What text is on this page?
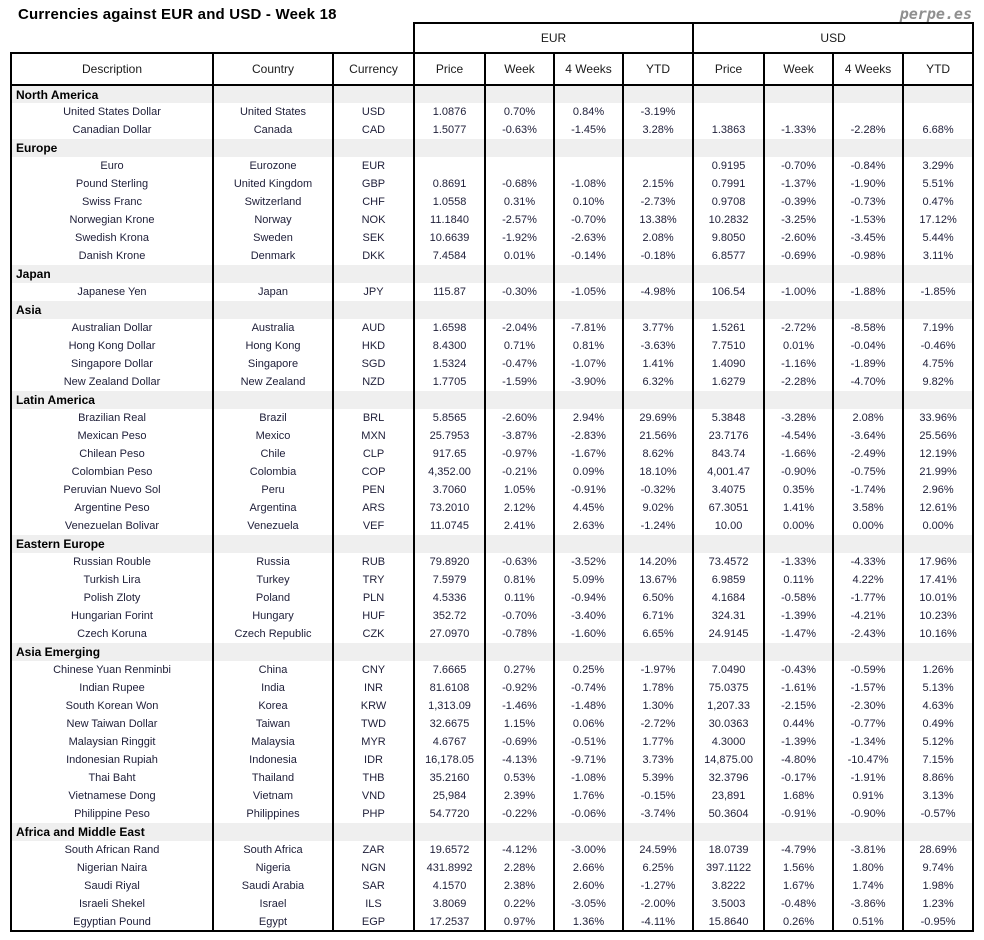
Currencies against EUR and USD - Week 18	perpe.es
			EUR				USD			
Description	Country	Currency	Price	Week	4 Weeks	YTD	Price	Week	4 Weeks	YTD
North America										
United States Dollar	United States	USD	1.0876	0.70%	0.84%	-3.19%				
Canadian Dollar	Canada	CAD	1.5077	-0.63%	-1.45%	3.28%	1.3863	-1.33%	-2.28%	6.68%
Europe										
Euro	Eurozone	EUR					0.9195	-0.70%	-0.84%	3.29%
Pound Sterling	United Kingdom	GBP	0.8691	-0.68%	-1.08%	2.15%	0.7991	-1.37%	-1.90%	5.51%
Swiss Franc	Switzerland	CHF	1.0558	0.31%	0.10%	-2.73%	0.9708	-0.39%	-0.73%	0.47%
Norwegian Krone	Norway	NOK	11.1840	-2.57%	-0.70%	13.38%	10.2832	-3.25%	-1.53%	17.12%
Swedish Krona	Sweden	SEK	10.6639	-1.92%	-2.63%	2.08%	9.8050	-2.60%	-3.45%	5.44%
Danish Krone	Denmark	DKK	7.4584	0.01%	-0.14%	-0.18%	6.8577	-0.69%	-0.98%	3.11%
Japan										
Japanese Yen	Japan	JPY	115.87	-0.30%	-1.05%	-4.98%	106.54	-1.00%	-1.88%	-1.85%
Asia										
Australian Dollar	Australia	AUD	1.6598	-2.04%	-7.81%	3.77%	1.5261	-2.72%	-8.58%	7.19%
Hong Kong Dollar	Hong Kong	HKD	8.4300	0.71%	0.81%	-3.63%	7.7510	0.01%	-0.04%	-0.46%
Singapore Dollar	Singapore	SGD	1.5324	-0.47%	-1.07%	1.41%	1.4090	-1.16%	-1.89%	4.75%
New Zealand Dollar	New Zealand	NZD	1.7705	-1.59%	-3.90%	6.32%	1.6279	-2.28%	-4.70%	9.82%
Latin America										
Brazilian Real	Brazil	BRL	5.8565	-2.60%	2.94%	29.69%	5.3848	-3.28%	2.08%	33.96%
Mexican Peso	Mexico	MXN	25.7953	-3.87%	-2.83%	21.56%	23.7176	-4.54%	-3.64%	25.56%
Chilean Peso	Chile	CLP	917.65	-0.97%	-1.67%	8.62%	843.74	-1.66%	-2.49%	12.19%
Colombian Peso	Colombia	COP	4,352.00	-0.21%	0.09%	18.10%	4,001.47	-0.90%	-0.75%	21.99%
Peruvian Nuevo Sol	Peru	PEN	3.7060	1.05%	-0.91%	-0.32%	3.4075	0.35%	-1.74%	2.96%
Argentine Peso	Argentina	ARS	73.2010	2.12%	4.45%	9.02%	67.3051	1.41%	3.58%	12.61%
Venezuelan Bolivar	Venezuela	VEF	11.0745	2.41%	2.63%	-1.24%	10.00	0.00%	0.00%	0.00%
Eastern Europe										
Russian Rouble	Russia	RUB	79.8920	-0.63%	-3.52%	14.20%	73.4572	-1.33%	-4.33%	17.96%
Turkish Lira	Turkey	TRY	7.5979	0.81%	5.09%	13.67%	6.9859	0.11%	4.22%	17.41%
Polish Zloty	Poland	PLN	4.5336	0.11%	-0.94%	6.50%	4.1684	-0.58%	-1.77%	10.01%
Hungarian Forint	Hungary	HUF	352.72	-0.70%	-3.40%	6.71%	324.31	-1.39%	-4.21%	10.23%
Czech Koruna	Czech Republic	CZK	27.0970	-0.78%	-1.60%	6.65%	24.9145	-1.47%	-2.43%	10.16%
Asia Emerging										
Chinese Yuan Renminbi	China	CNY	7.6665	0.27%	0.25%	-1.97%	7.0490	-0.43%	-0.59%	1.26%
Indian Rupee	India	INR	81.6108	-0.92%	-0.74%	1.78%	75.0375	-1.61%	-1.57%	5.13%
South Korean Won	Korea	KRW	1,313.09	-1.46%	-1.48%	1.30%	1,207.33	-2.15%	-2.30%	4.63%
New Taiwan Dollar	Taiwan	TWD	32.6675	1.15%	0.06%	-2.72%	30.0363	0.44%	-0.77%	0.49%
Malaysian Ringgit	Malaysia	MYR	4.6767	-0.69%	-0.51%	1.77%	4.3000	-1.39%	-1.34%	5.12%
Indonesian Rupiah	Indonesia	IDR	16,178.05	-4.13%	-9.71%	3.73%	14,875.00	-4.80%	-10.47%	7.15%
Thai Baht	Thailand	THB	35.2160	0.53%	-1.08%	5.39%	32.3796	-0.17%	-1.91%	8.86%
Vietnamese Dong	Vietnam	VND	25,984	2.39%	1.76%	-0.15%	23,891	1.68%	0.91%	3.13%
Philippine Peso	Philippines	PHP	54.7720	-0.22%	-0.06%	-3.74%	50.3604	-0.91%	-0.90%	-0.57%
Africa and Middle East										
South African Rand	South Africa	ZAR	19.6572	-4.12%	-3.00%	24.59%	18.0739	-4.79%	-3.81%	28.69%
Nigerian Naira	Nigeria	NGN	431.8992	2.28%	2.66%	6.25%	397.1122	1.56%	1.80%	9.74%
Saudi Riyal	Saudi Arabia	SAR	4.1570	2.38%	2.60%	-1.27%	3.8222	1.67%	1.74%	1.98%
Israeli Shekel	Israel	ILS	3.8069	0.22%	-3.05%	-2.00%	3.5003	-0.48%	-3.86%	1.23%
Egyptian Pound	Egypt	EGP	17.2537	0.97%	1.36%	-4.11%	15.8640	0.26%	0.51%	-0.95%
